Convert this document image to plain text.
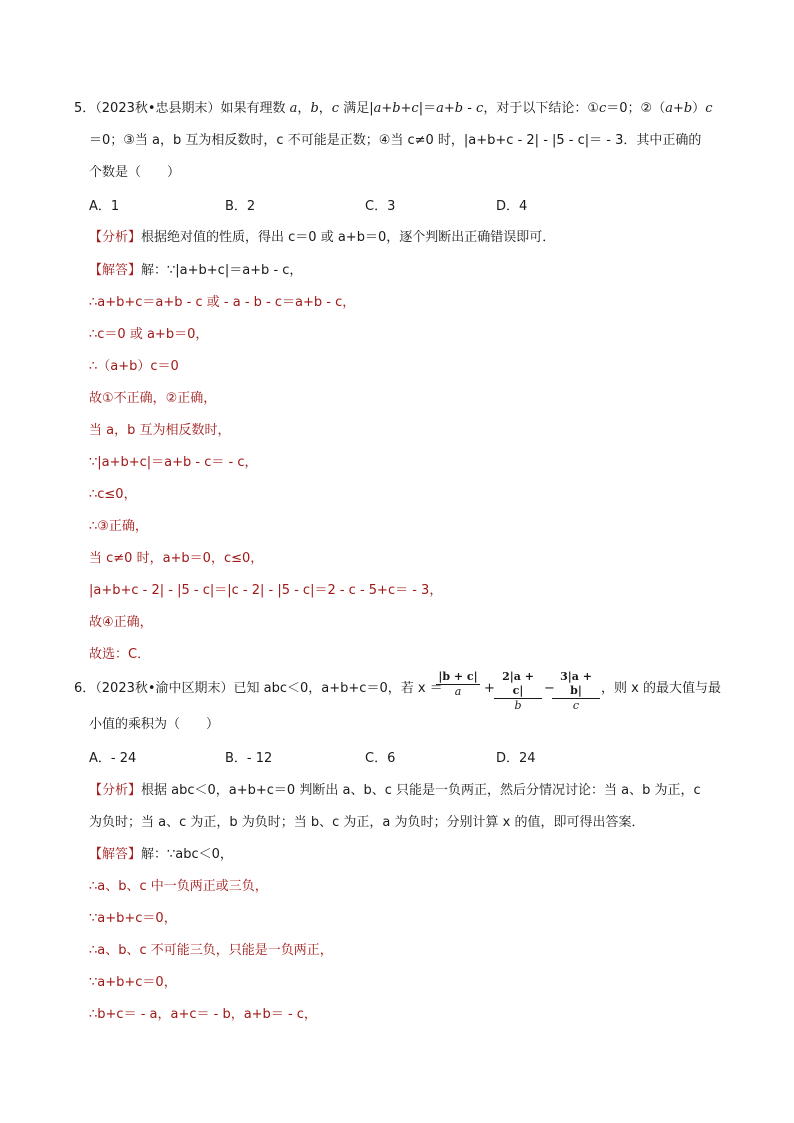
5．（2023秋•忠县期末）如果有理数 a，b，c 满足|a+b+c|＝a+b - c，对于以下结论：①c＝0；②（a+b）c
＝0；③当 a，b 互为相反数时，c 不可能是正数；④当 c≠0 时，|a+b+c - 2| - |5 - c|＝ - 3．其中正确的
个数是（　　）
A．1	B．2	C．3	D．4
【分析】根据绝对值的性质，得出 c＝0 或 a+b＝0，逐个判断出正确错误即可．
【解答】解：∵|a+b+c|＝a+b - c，
∴a+b+c＝a+b - c 或 - a - b - c＝a+b - c，
∴c＝0 或 a+b＝0，
∴（a+b）c＝0
故①不正确，②正确，
当 a，b 互为相反数时，
∵|a+b+c|＝a+b - c＝ - c，
∴c≤0，
∴③正确，
当 c≠0 时，a+b＝0，c≤0，
|a+b+c - 2| - |5 - c|＝|c - 2| - |5 - c|＝2 - c - 5+c＝ - 3，
故④正确，
故选：C．
6．（2023秋•渝中区期末）已知 abc＜0，a+b+c＝0，若 x ＝
$\frac{|b + c|}{a} + \frac{2|a + c|}{b}$ −
$\frac{3|a + b|}{c}$ ，则 x 的最大值与最
小值的乘积为（　　）
A．- 24	B．- 12	C．6	D．24
【分析】根据 abc＜0，a+b+c＝0 判断出 a、b、c 只能是一负两正，然后分情况讨论：当 a、b 为正，c
为负时；当 a、c 为正，b 为负时；当 b、c 为正，a 为负时；分别计算 x 的值，即可得出答案．
【解答】解：∵abc＜0，
∴a、b、c 中一负两正或三负，
∵a+b+c＝0，
∴a、b、c 不可能三负，只能是一负两正，
∵a+b+c＝0，
∴b+c＝ - a，a+c＝ - b，a+b＝ - c，
